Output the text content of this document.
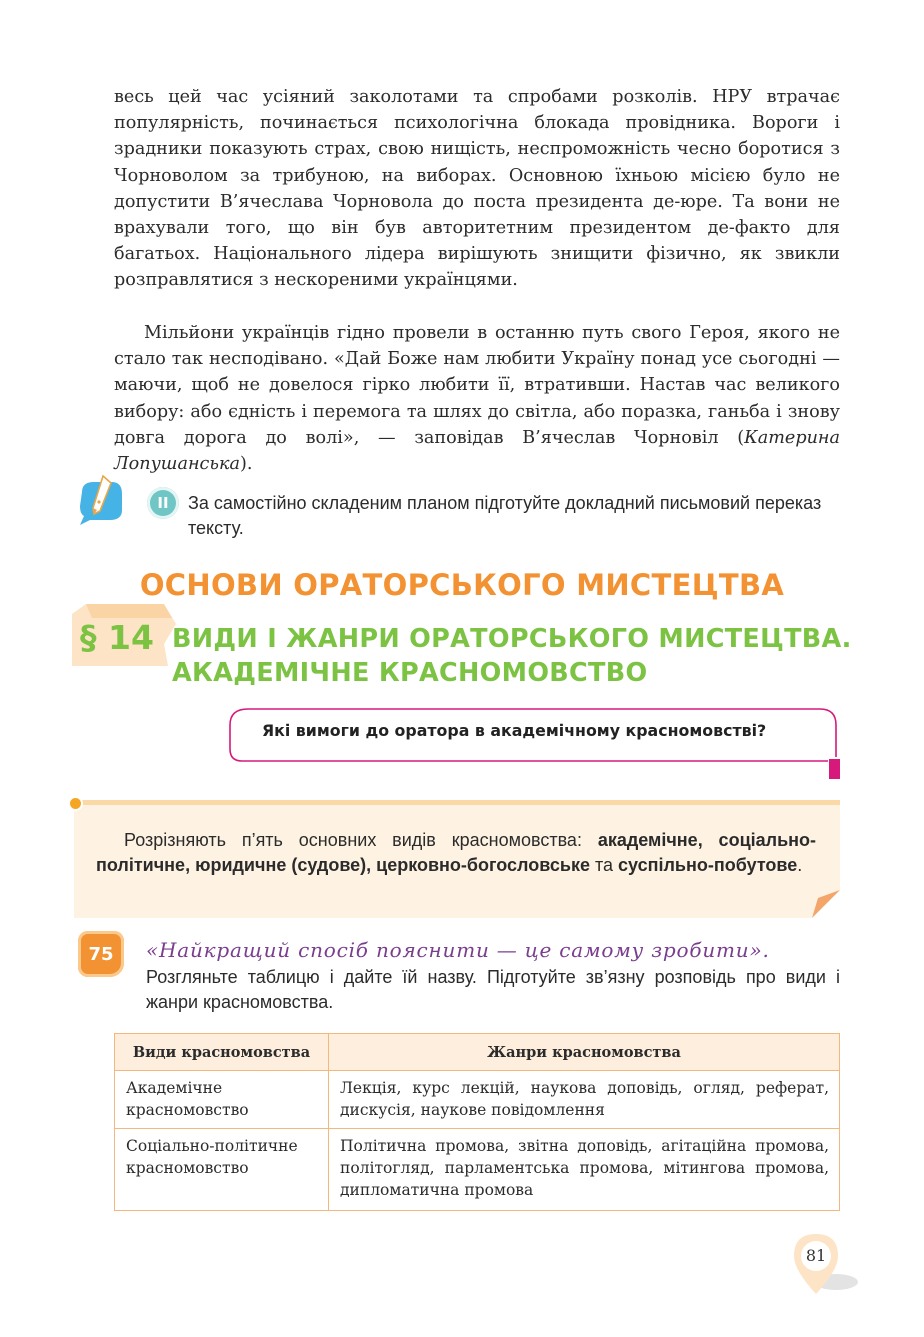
весь цей час усіяний заколотами та спробами розколів. НРУ втрачає популярність, починається психологічна блокада провідника. Вороги і зрадники показують страх, свою нищість, неспроможність чесно боротися з Чорноволом за трибуною, на виборах. Основною їхньою місією було не допустити В’ячеслава Чорновола до поста президента де-юре. Та вони не врахували того, що він був авторитетним президентом де-факто для багатьох. Національного лідера вирішують знищити фізично, як звикли розправлятися з нескореними українцями.

Мільйони українців гідно провели в останню путь свого Героя, якого не стало так несподівано. «Дай Боже нам любити Україну понад усе сьогодні — маючи, щоб не довелося гірко любити її, втративши. Настав час великого вибору: або єдність і перемога та шлях до світла, або поразка, ганьба і знову довга дорога до волі», — заповідав В’ячеслав Чорновіл (Катерина Лопушанська).

II	За самостійно складеним планом підготуйте докладний письмовий переказ тексту.
ОСНОВИ ОРАТОРСЬКОГО МИСТЕЦТВА
§ 14 ВИДИ І ЖАНРИ ОРАТОРСЬКОГО МИСТЕЦТВА.
АКАДЕМІЧНЕ КРАСНОМОВСТВО
Які вимоги до оратора в академічному красномовстві?

Розрізняють п’ять основних видів красномовства: академічне, соціально-політичне, юридичне (судове), церковно-богословське та суспільно-побутове.

75	«Найкращий спосіб пояснити — це самому зробити».
Розгляньте таблицю і дайте їй назву. Підготуйте зв’язну розповідь про види і жанри красномовства.
Види красномовства	Жанри красномовства
Академічне красномовство	Лекція, курс лекцій, наукова доповідь, огляд, реферат, дискусія, наукове повідомлення
Соціально-політичне красномовство	Політична промова, звітна доповідь, агітаційна промова, політогляд, парламентська промова, мітингова промова, дипломатична промова
81
